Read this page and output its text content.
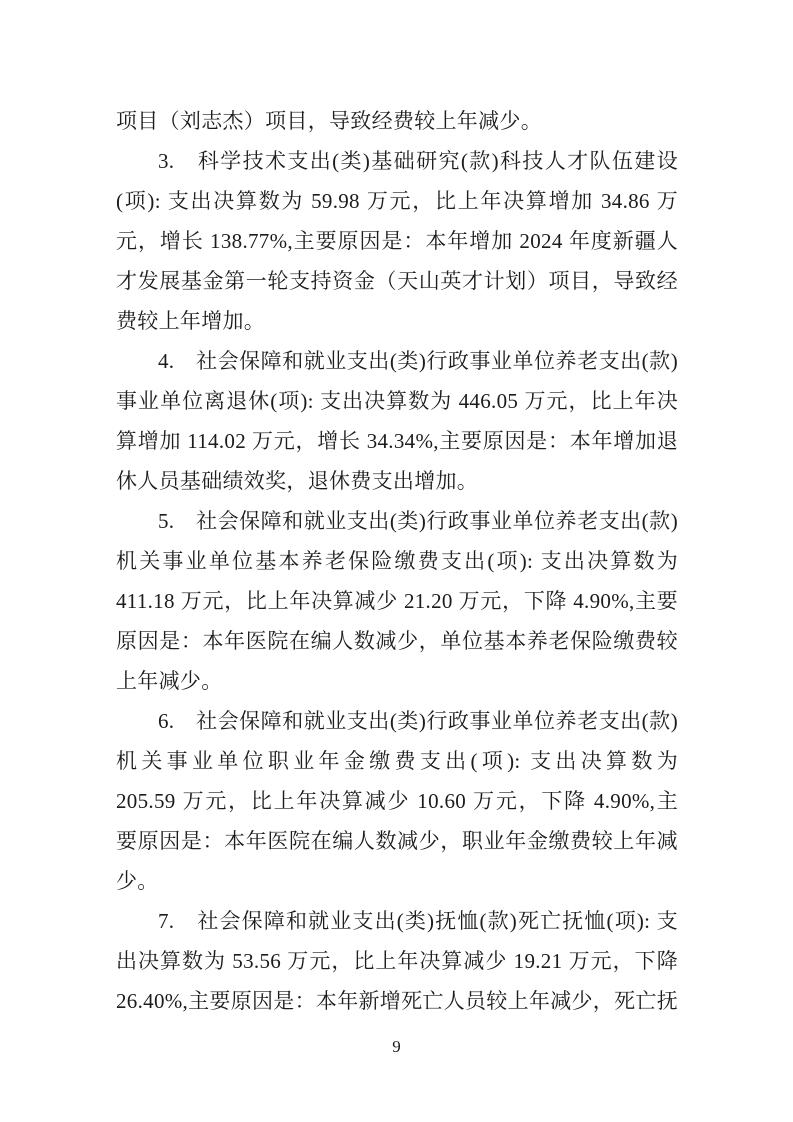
项目（刘志杰）项目，导致经费较上年减少。
3.　科学技术支出(类)基础研究(款)科技人才队伍建设
(项): 支出决算数为 59.98 万元，比上年决算增加 34.86 万
元，增长 138.77%,主要原因是：本年增加 2024 年度新疆人
才发展基金第一轮支持资金（天山英才计划）项目，导致经
费较上年增加。
4.　社会保障和就业支出(类)行政事业单位养老支出(款)
事业单位离退休(项): 支出决算数为 446.05 万元，比上年决
算增加 114.02 万元，增长 34.34%,主要原因是：本年增加退
休人员基础绩效奖，退休费支出增加。
5.　社会保障和就业支出(类)行政事业单位养老支出(款)
机关事业单位基本养老保险缴费支出(项): 支出决算数为
411.18 万元，比上年决算减少 21.20 万元，下降 4.90%,主要
原因是：本年医院在编人数减少，单位基本养老保险缴费较
上年减少。
6.　社会保障和就业支出(类)行政事业单位养老支出(款)
机关事业单位职业年金缴费支出(项): 支出决算数为
205.59 万元，比上年决算减少 10.60 万元，下降 4.90%,主
要原因是：本年医院在编人数减少，职业年金缴费较上年减
少。
7.　社会保障和就业支出(类)抚恤(款)死亡抚恤(项): 支
出决算数为 53.56 万元，比上年决算减少 19.21 万元，下降
26.40%,主要原因是：本年新增死亡人员较上年减少，死亡抚
9
